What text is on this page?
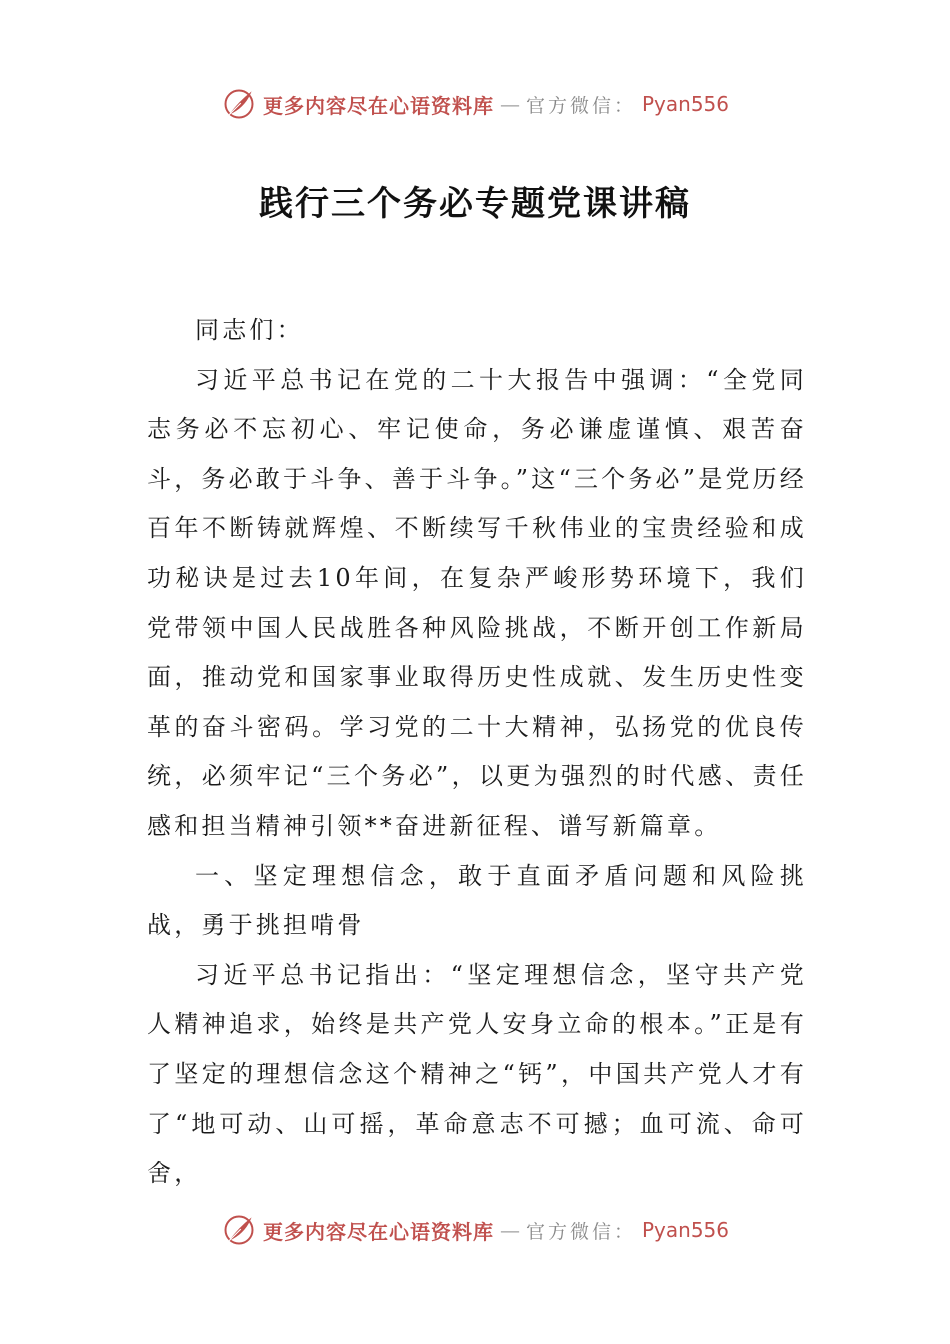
更多内容尽在心语资料库 — 官方微信： Pyan556
践行三个务必专题党课讲稿

同志们：

习近平总书记在党的二十大报告中强调：“全党同志务必不忘初心、牢记使命，务必谦虚谨慎、艰苦奋斗，务必敢于斗争、善于斗争。”这“三个务必”是党历经百年不断铸就辉煌、不断续写千秋伟业的宝贵经验和成功秘诀是过去10年间，在复杂严峻形势环境下，我们党带领中国人民战胜各种风险挑战，不断开创工作新局面，推动党和国家事业取得历史性成就、发生历史性变革的奋斗密码。学习党的二十大精神，弘扬党的优良传统，必须牢记“三个务必”，以更为强烈的时代感、责任感和担当精神引领**奋进新征程、谱写新篇章。

一、坚定理想信念，敢于直面矛盾问题和风险挑战，勇于挑担啃骨

习近平总书记指出：“坚定理想信念，坚守共产党人精神追求，始终是共产党人安身立命的根本。”正是有了坚定的理想信念这个精神之“钙”，中国共产党人才有了“地可动、山可摇，革命意志不可撼；血可流、命可舍，

更多内容尽在心语资料库 — 官方微信： Pyan556
